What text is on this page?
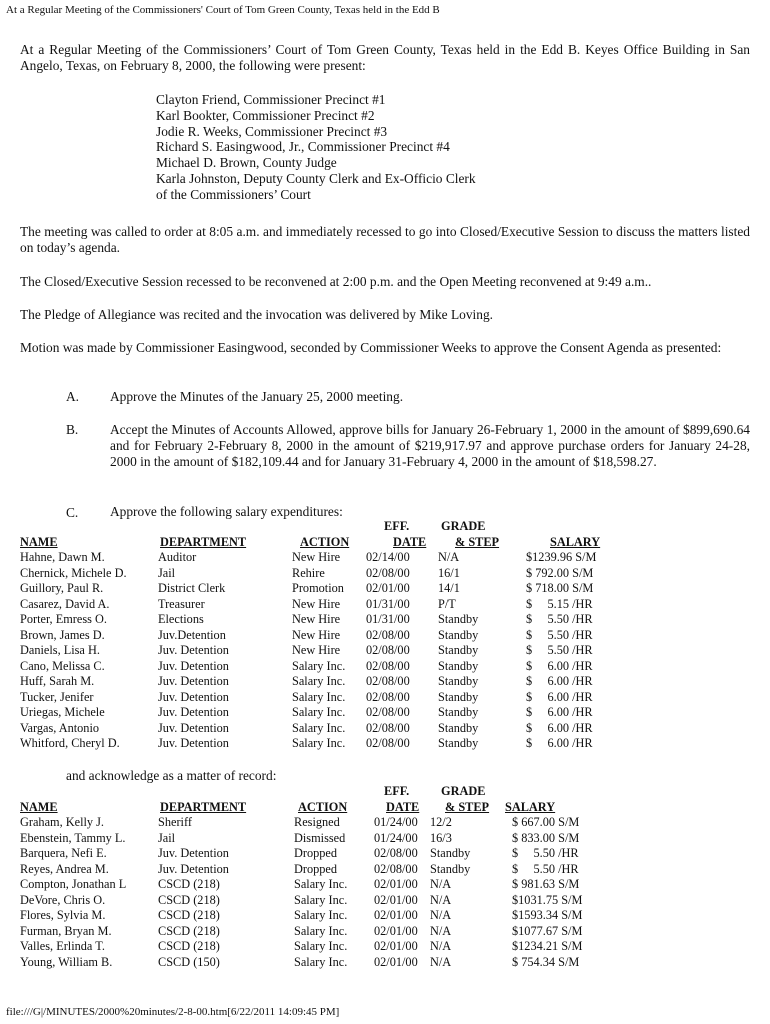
At a Regular Meeting of the Commissioners' Court of Tom Green County, Texas held in the Edd B
At a Regular Meeting of the Commissioners’ Court of Tom Green County, Texas held in the Edd B. Keyes Office Building in San Angelo, Texas, on February 8, 2000, the following were present:
Clayton Friend, Commissioner Precinct #1
Karl Bookter, Commissioner Precinct #2
Jodie R. Weeks, Commissioner Precinct #3
Richard S. Easingwood, Jr., Commissioner Precinct #4
Michael D. Brown, County Judge
Karla Johnston, Deputy County Clerk and Ex-Officio Clerk
of the Commissioners’ Court
The meeting was called to order at 8:05 a.m. and immediately recessed to go into Closed/Executive Session to discuss the matters listed on today’s agenda.
The Closed/Executive Session recessed to be reconvened at 2:00 p.m. and the Open Meeting reconvened at 9:49 a.m..
The Pledge of Allegiance was recited and the invocation was delivered by Mike Loving.
Motion was made by Commissioner Easingwood, seconded by Commissioner Weeks to approve the Consent Agenda as presented:
A. Approve the Minutes of the January 25, 2000 meeting.
B. Accept the Minutes of Accounts Allowed, approve bills for January 26-February 1, 2000 in the amount of $899,690.64 and for February 2-February 8, 2000 in the amount of $219,917.97 and approve purchase orders for January 24-28, 2000 in the amount of $182,109.44 and for January 31-February 4, 2000 in the amount of $18,598.27.
C. Approve the following salary expenditures:
EFF.	GRADE
NAME	DEPARTMENT	ACTION	DATE & STEP	SALARY
Hahne, Dawn M.	Auditor	New Hire 02/14/00 N/A	$1239.96 S/M
Chernick, Michele D.	Jail	Rehire	02/08/00 16/1	$ 792.00 S/M
Guillory, Paul R.	District Clerk	Promotion 02/01/00 14/1	$ 718.00 S/M
Casarez, David A.	Treasurer	New Hire 01/31/00 P/T	$     5.15 /HR
Porter, Emress O.	Elections	New Hire 01/31/00 Standby	$     5.50 /HR
Brown, James D.	Juv.Detention	New Hire 02/08/00 Standby	$     5.50 /HR
Daniels, Lisa H.	Juv. Detention	New Hire 02/08/00 Standby	$     5.50 /HR
Cano, Melissa C.	Juv. Detention	Salary Inc. 02/08/00 Standby	$     6.00 /HR
Huff, Sarah M.	Juv. Detention	Salary Inc. 02/08/00 Standby	$     6.00 /HR
Tucker, Jenifer	Juv. Detention	Salary Inc. 02/08/00 Standby	$     6.00 /HR
Uriegas, Michele	Juv. Detention	Salary Inc. 02/08/00 Standby	$     6.00 /HR
Vargas, Antonio	Juv. Detention	Salary Inc. 02/08/00 Standby	$     6.00 /HR
Whitford, Cheryl D.	Juv. Detention	Salary Inc. 02/08/00 Standby	$     6.00 /HR
and acknowledge as a matter of record:
EFF.	GRADE
NAME	DEPARTMENT	ACTION	DATE & STEP SALARY
Graham, Kelly J.	Sheriff	Resigned	01/24/00 12/2	$ 667.00 S/M
Ebenstein, Tammy L.	Jail	Dismissed 01/24/00 16/3	$ 833.00 S/M
Barquera, Nefi E.	Juv. Detention	Dropped	02/08/00 Standby	$     5.50 /HR
Reyes, Andrea M.	Juv. Detention	Dropped	02/08/00 Standby	$     5.50 /HR
Compton, Jonathan L	CSCD (218)	Salary Inc. 02/01/00 N/A	$ 981.63 S/M
DeVore, Chris O.	CSCD (218)	Salary Inc. 02/01/00 N/A	$1031.75 S/M
Flores, Sylvia M.	CSCD (218)	Salary Inc. 02/01/00 N/A	$1593.34 S/M
Furman, Bryan M.	CSCD (218)	Salary Inc. 02/01/00 N/A	$1077.67 S/M
Valles, Erlinda T.	CSCD (218)	Salary Inc. 02/01/00 N/A	$1234.21 S/M
Young, William B.	CSCD (150)	Salary Inc. 02/01/00 N/A	$ 754.34 S/M
file:///G|/MINUTES/2000%20minutes/2-8-00.htm[6/22/2011 14:09:45 PM]
